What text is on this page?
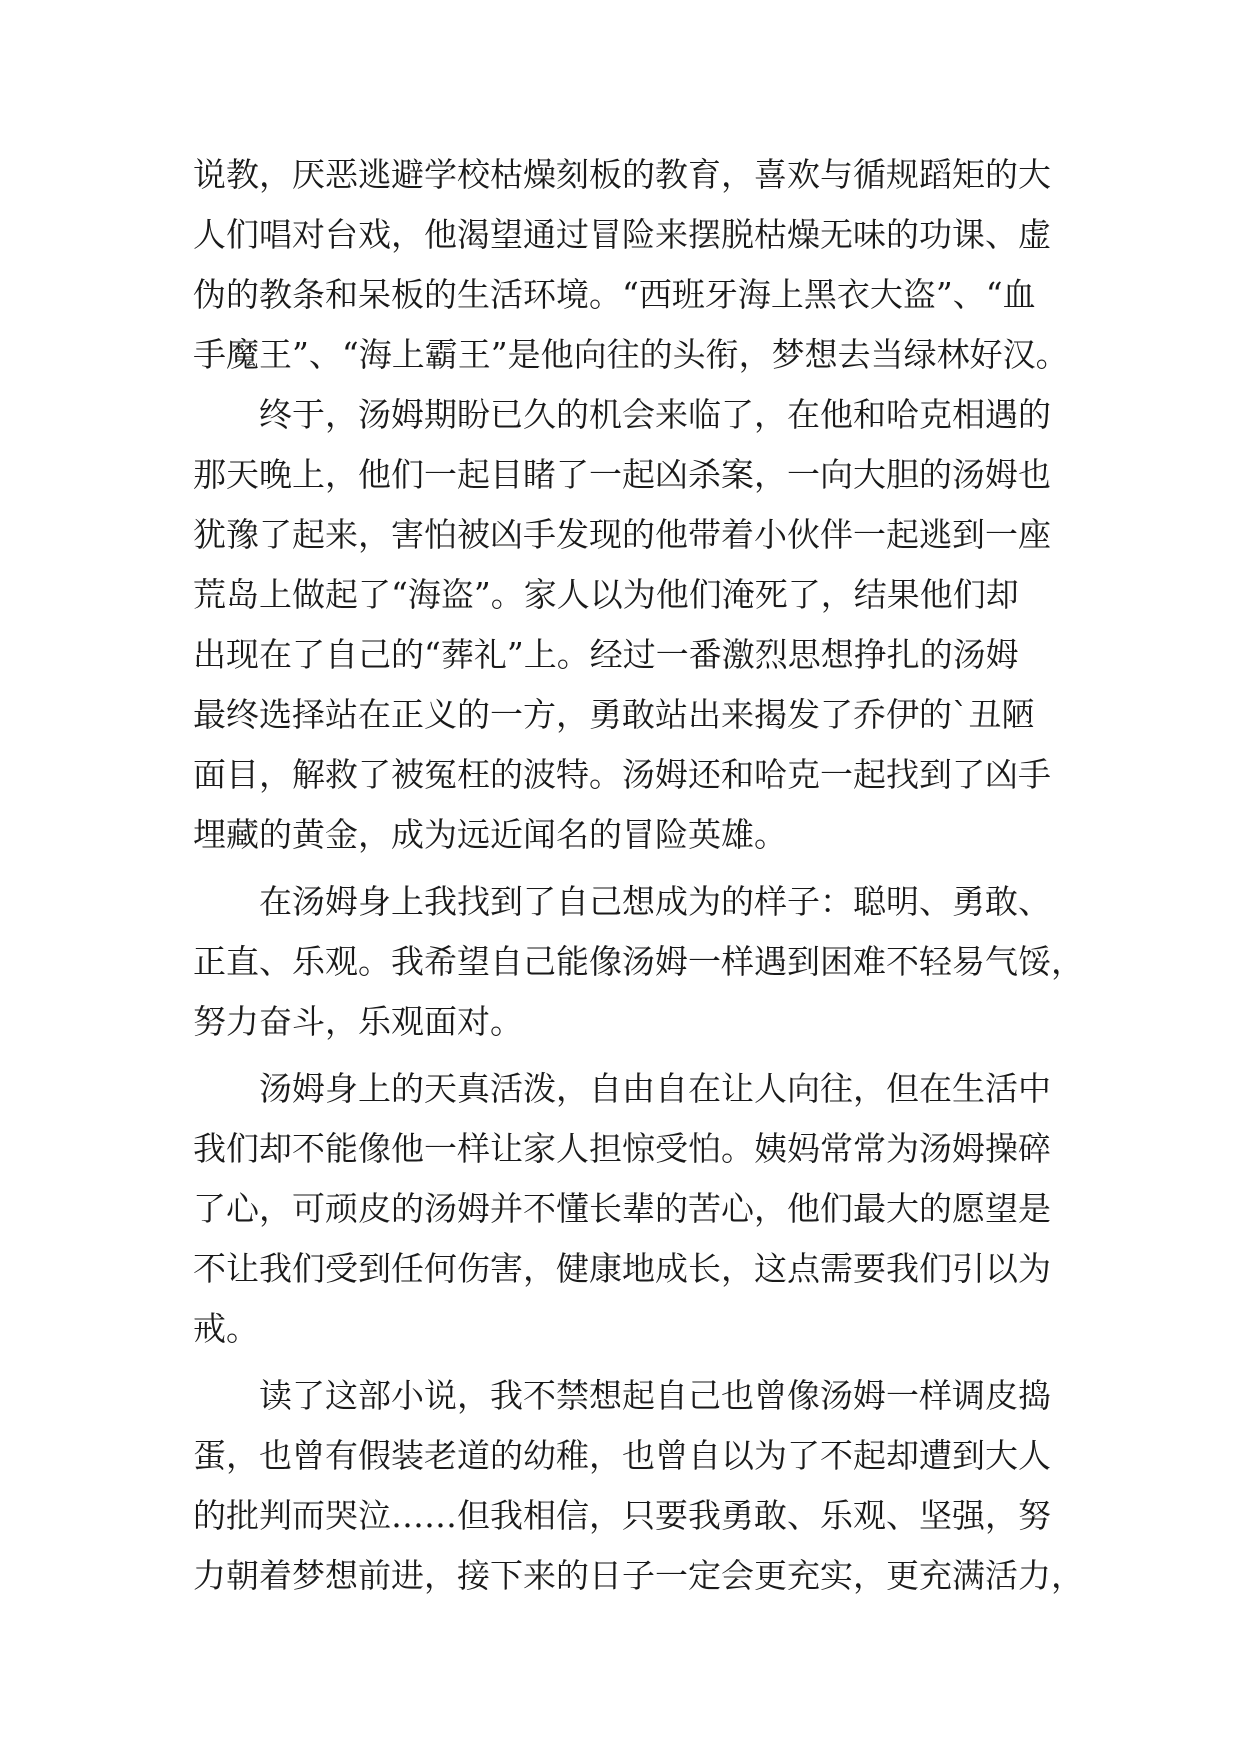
说教，厌恶逃避学校枯燥刻板的教育，喜欢与循规蹈矩的大
人们唱对台戏，他渴望通过冒险来摆脱枯燥无味的功课、虚
伪的教条和呆板的生活环境。“西班牙海上黑衣大盗”、“血
手魔王”、“海上霸王”是他向往的头衔，梦想去当绿林好汉。
　　终于，汤姆期盼已久的机会来临了，在他和哈克相遇的
那天晚上，他们一起目睹了一起凶杀案，一向大胆的汤姆也
犹豫了起来，害怕被凶手发现的他带着小伙伴一起逃到一座
荒岛上做起了“海盗”。家人以为他们淹死了，结果他们却
出现在了自己的“葬礼”上。经过一番激烈思想挣扎的汤姆
最终选择站在正义的一方，勇敢站出来揭发了乔伊的`丑陋
面目，解救了被冤枉的波特。汤姆还和哈克一起找到了凶手
埋藏的黄金，成为远近闻名的冒险英雄。
　　在汤姆身上我找到了自己想成为的样子：聪明、勇敢、
正直、乐观。我希望自己能像汤姆一样遇到困难不轻易气馁，
努力奋斗，乐观面对。
　　汤姆身上的天真活泼，自由自在让人向往，但在生活中
我们却不能像他一样让家人担惊受怕。姨妈常常为汤姆操碎
了心，可顽皮的汤姆并不懂长辈的苦心，他们最大的愿望是
不让我们受到任何伤害，健康地成长，这点需要我们引以为
戒。
　　读了这部小说，我不禁想起自己也曾像汤姆一样调皮捣
蛋，也曾有假装老道的幼稚，也曾自以为了不起却遭到大人
的批判而哭泣……但我相信，只要我勇敢、乐观、坚强，努
力朝着梦想前进，接下来的日子一定会更充实，更充满活力，
